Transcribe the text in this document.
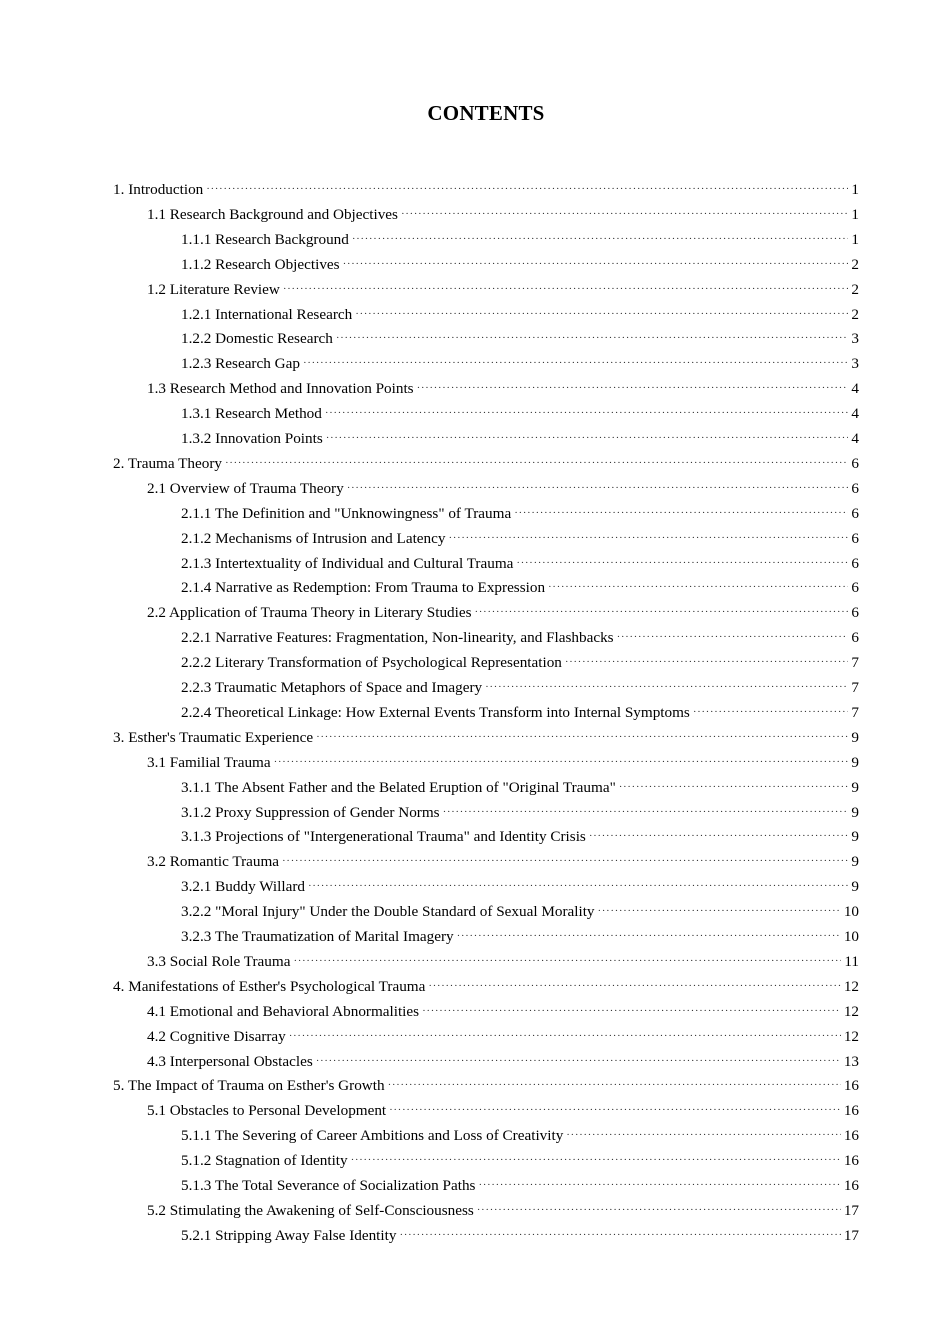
CONTENTS
1. Introduction ·····	1
1.1 Research Background and Objectives ·····	1
1.1.1 Research Background ·····	1
1.1.2 Research Objectives ·····	2
1.2 Literature Review ·····	2
1.2.1 International Research ·····	2
1.2.2 Domestic Research ·····	3
1.2.3 Research Gap ·····	3
1.3 Research Method and Innovation Points ·····	4
1.3.1 Research Method ·····	4
1.3.2 Innovation Points ·····	4
2. Trauma Theory ·····	6
2.1 Overview of Trauma Theory ·····	6
2.1.1 The Definition and "Unknowingness" of Trauma ·····	6
2.1.2 Mechanisms of Intrusion and Latency ·····	6
2.1.3 Intertextuality of Individual and Cultural Trauma ·····	6
2.1.4 Narrative as Redemption: From Trauma to Expression ·····	6
2.2 Application of Trauma Theory in Literary Studies ·····	6
2.2.1 Narrative Features: Fragmentation, Non-linearity, and Flashbacks ·····	6
2.2.2 Literary Transformation of Psychological Representation ·····	7
2.2.3 Traumatic Metaphors of Space and Imagery ·····	7
2.2.4 Theoretical Linkage: How External Events Transform into Internal Symptoms ·····	7
3. Esther's Traumatic Experience ·····	9
3.1 Familial Trauma ·····	9
3.1.1 The Absent Father and the Belated Eruption of "Original Trauma" ·····	9
3.1.2 Proxy Suppression of Gender Norms ·····	9
3.1.3 Projections of "Intergenerational Trauma" and Identity Crisis ·····	9
3.2 Romantic Trauma ·····	9
3.2.1 Buddy Willard ·····	9
3.2.2 "Moral Injury" Under the Double Standard of Sexual Morality ·····	10
3.2.3 The Traumatization of Marital Imagery ·····	10
3.3 Social Role Trauma ·····	11
4. Manifestations of Esther's Psychological Trauma ·····	12
4.1 Emotional and Behavioral Abnormalities ·····	12
4.2 Cognitive Disarray ·····	12
4.3 Interpersonal Obstacles ·····	13
5. The Impact of Trauma on Esther's Growth ·····	16
5.1 Obstacles to Personal Development ·····	16
5.1.1 The Severing of Career Ambitions and Loss of Creativity ·····	16
5.1.2 Stagnation of Identity ·····	16
5.1.3 The Total Severance of Socialization Paths ·····	16
5.2 Stimulating the Awakening of Self-Consciousness ·····	17
5.2.1 Stripping Away False Identity ·····	17
